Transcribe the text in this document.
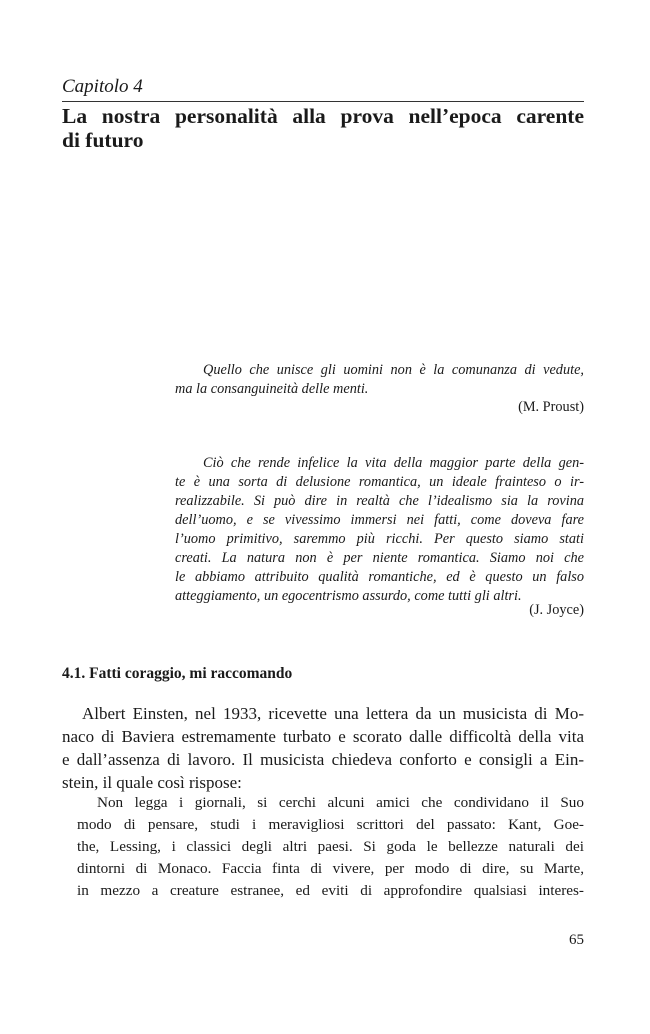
Capitolo 4
La nostra personalità alla prova nell’epoca carente
di futuro
Quello che unisce gli uomini non è la comunanza di vedute,
ma la consanguineità delle menti.
(M. Proust)
Ciò che rende infelice la vita della maggior parte della gen-
te è una sorta di delusione romantica, un ideale frainteso o ir-
realizzabile. Si può dire in realtà che l’idealismo sia la rovina
dell’uomo, e se vivessimo immersi nei fatti, come doveva fare
l’uomo primitivo, saremmo più ricchi. Per questo siamo stati
creati. La natura non è per niente romantica. Siamo noi che
le abbiamo attribuito qualità romantiche, ed è questo un falso
atteggiamento, un egocentrismo assurdo, come tutti gli altri.
(J. Joyce)
4.1. Fatti coraggio, mi raccomando
Albert Einsten, nel 1933, ricevette una lettera da un musicista di Mo-
naco di Baviera estremamente turbato e scorato dalle difficoltà della vita
e dall’assenza di lavoro. Il musicista chiedeva conforto e consigli a Ein-
stein, il quale così rispose:
Non legga i giornali, si cerchi alcuni amici che condividano il Suo
modo di pensare, studi i meravigliosi scrittori del passato: Kant, Goe-
the, Lessing, i classici degli altri paesi. Si goda le bellezze naturali dei
dintorni di Monaco. Faccia finta di vivere, per modo di dire, su Marte,
in mezzo a creature estranee, ed eviti di approfondire qualsiasi interes-
65
